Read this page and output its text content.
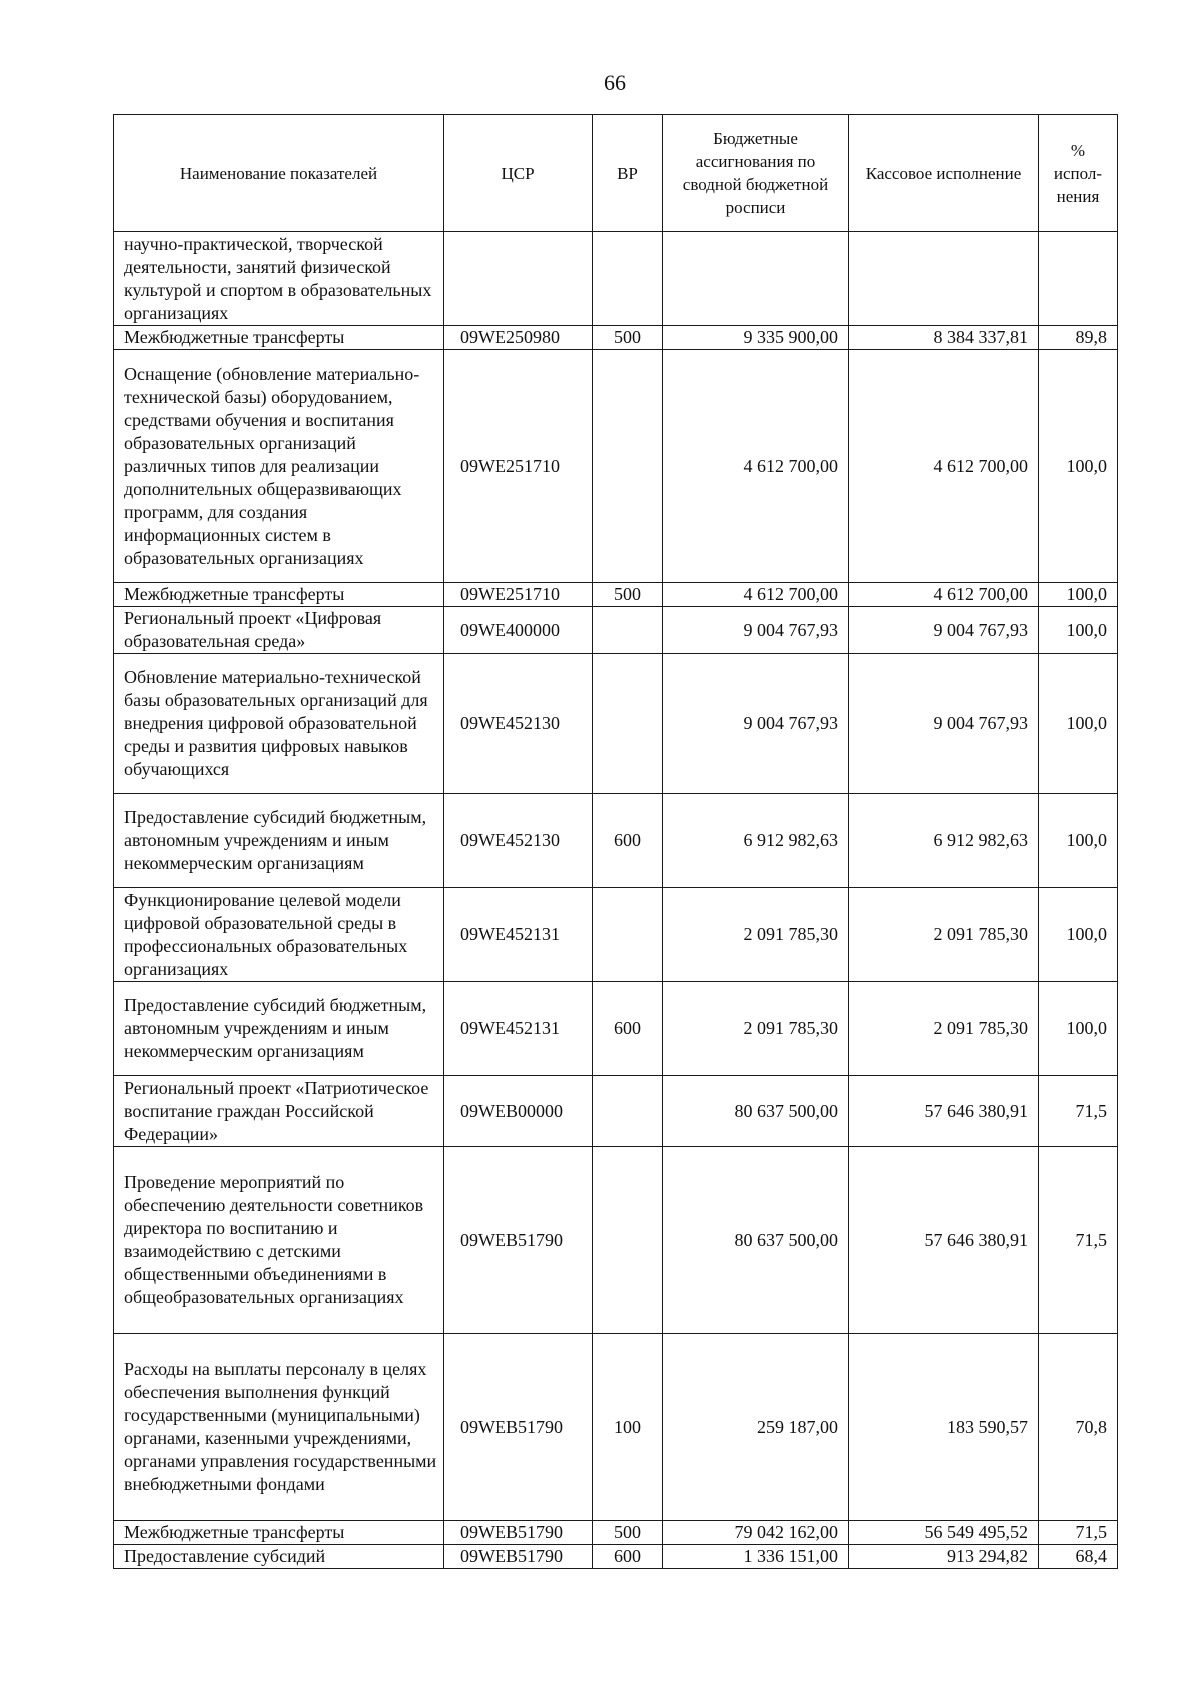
66
Наименование показателей	ЦСР	ВР	Бюджетные ассигнования по сводной бюджетной росписи	Кассовое исполнение	% испол-нения
научно-практической, творческой деятельности, занятий физической культурой и спортом в образовательных организациях					
Межбюджетные трансферты	09WE250980	500	9 335 900,00	8 384 337,81	89,8
Оснащение (обновление материально-технической базы) оборудованием, средствами обучения и воспитания образовательных организаций различных типов для реализации дополнительных общеразвивающих программ, для создания информационных систем в образовательных организациях	09WE251710		4 612 700,00	4 612 700,00	100,0
Межбюджетные трансферты	09WE251710	500	4 612 700,00	4 612 700,00	100,0
Региональный проект «Цифровая образовательная среда»	09WE400000		9 004 767,93	9 004 767,93	100,0
Обновление материально-технической базы образовательных организаций для внедрения цифровой образовательной среды и развития цифровых навыков обучающихся	09WE452130		9 004 767,93	9 004 767,93	100,0
Предоставление субсидий бюджетным, автономным учреждениям и иным некоммерческим организациям	09WE452130	600	6 912 982,63	6 912 982,63	100,0
Функционирование целевой модели цифровой образовательной среды в профессиональных образовательных организациях	09WE452131		2 091 785,30	2 091 785,30	100,0
Предоставление субсидий бюджетным, автономным учреждениям и иным некоммерческим организациям	09WE452131	600	2 091 785,30	2 091 785,30	100,0
Региональный проект «Патриотическое воспитание граждан Российской Федерации»	09WEB00000		80 637 500,00	57 646 380,91	71,5
Проведение мероприятий по обеспечению деятельности советников директора по воспитанию и взаимодействию с детскими общественными объединениями в общеобразовательных организациях	09WEB51790		80 637 500,00	57 646 380,91	71,5
Расходы на выплаты персоналу в целях обеспечения выполнения функций государственными (муниципальными) органами, казенными учреждениями, органами управления государственными внебюджетными фондами	09WEB51790	100	259 187,00	183 590,57	70,8
Межбюджетные трансферты	09WEB51790	500	79 042 162,00	56 549 495,52	71,5
Предоставление субсидий	09WEB51790	600	1 336 151,00	913 294,82	68,4
